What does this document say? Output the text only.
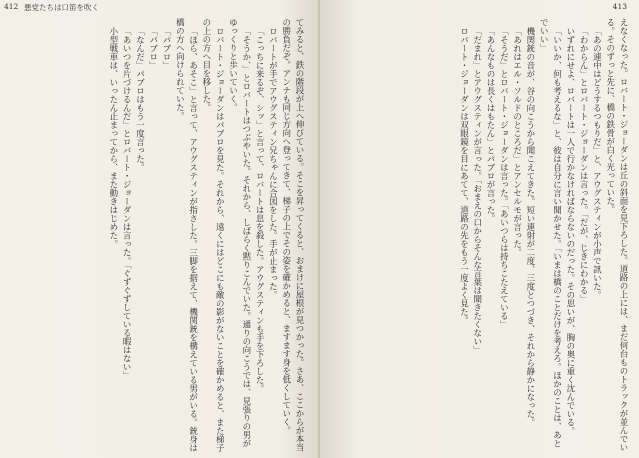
412 悪党たちは口笛を吹く

てみると、鉄の階段が上へ伸びている。そこを昇ってくると、おまけに屋根が見つかった。さあ、ここからが本当の勝負だぞ。アンナも同じ方向へ登ってきて、梯子の上でその姿を確かめると、ますます身を低くしていく。

ロバートが手でアウグスティン兄ちゃんに合図をした。手が止まった。

「こっちに来るぞ、シッ」と言って、ロバートは息を殺した。アウグスティンも手を下ろした。

「そうか、」とロバートはつぶやいた。それから、しばらく黙りこんでいた。通りの向こうでは、見張りの男がゆっくりと歩いていく。

ロバート・ジョーダンはパブロを見た。それから、遠くにはどこにも敵の影がないことを確かめると、また梯子の上の方へ目を移した。

「ほら、あそこ」と言って、アウグスティンが指さした。三脚を据えて、機関銃を構えている男がいる。銃身は橋の方へ向けられていた。

「パブロ」

「パブロ」

「なんだ」パブロはもう一度言った。

「あいつを片づけるんだ」とロバート・ジョーダンは言った。「ぐずぐずしている暇はない」

小型戦車は、いったん止まってから、また動きはじめた。

413

えなくなった。ロバート・ジョーダンは丘の斜面を見下ろした。道路の上には、まだ何台ものトラックが並んでいる。そのずっと先に、橋の鉄骨が白く光っていた。

「あの連中はどうするつもりだ」と、アウグスティンが小声で訊いた。

「わからん」とロバート・ジョーダンは言った。「だが、じきにわかる」

いずれにせよ、ロバートは一人で行かなければならないのだった。その思いが、胸の奥に重く沈んでいる。

「いいか、何も考えるな」と、彼は自分に言い聞かせた。「いまは橋のことだけを考えろ。ほかのことは、あとでいい」

機関銃の音が、谷の向こうから聞こえてきた。短い連射が二度、三度とつづき、それから静かになった。

「あれはエル・ソルドのところだ」とアンセルモが言った。

「そうだ」とロバート・ジョーダンは言った。「あいつらは持ちこたえている」

「あんなものは長くはもたん」とパブロが言った。

「だまれ」とアウグスティンが言った。「おまえの口からそんな言葉は聞きたくない」

ロバート・ジョーダンは双眼鏡を目にあてて、道路の先をもう一度よく見た。
